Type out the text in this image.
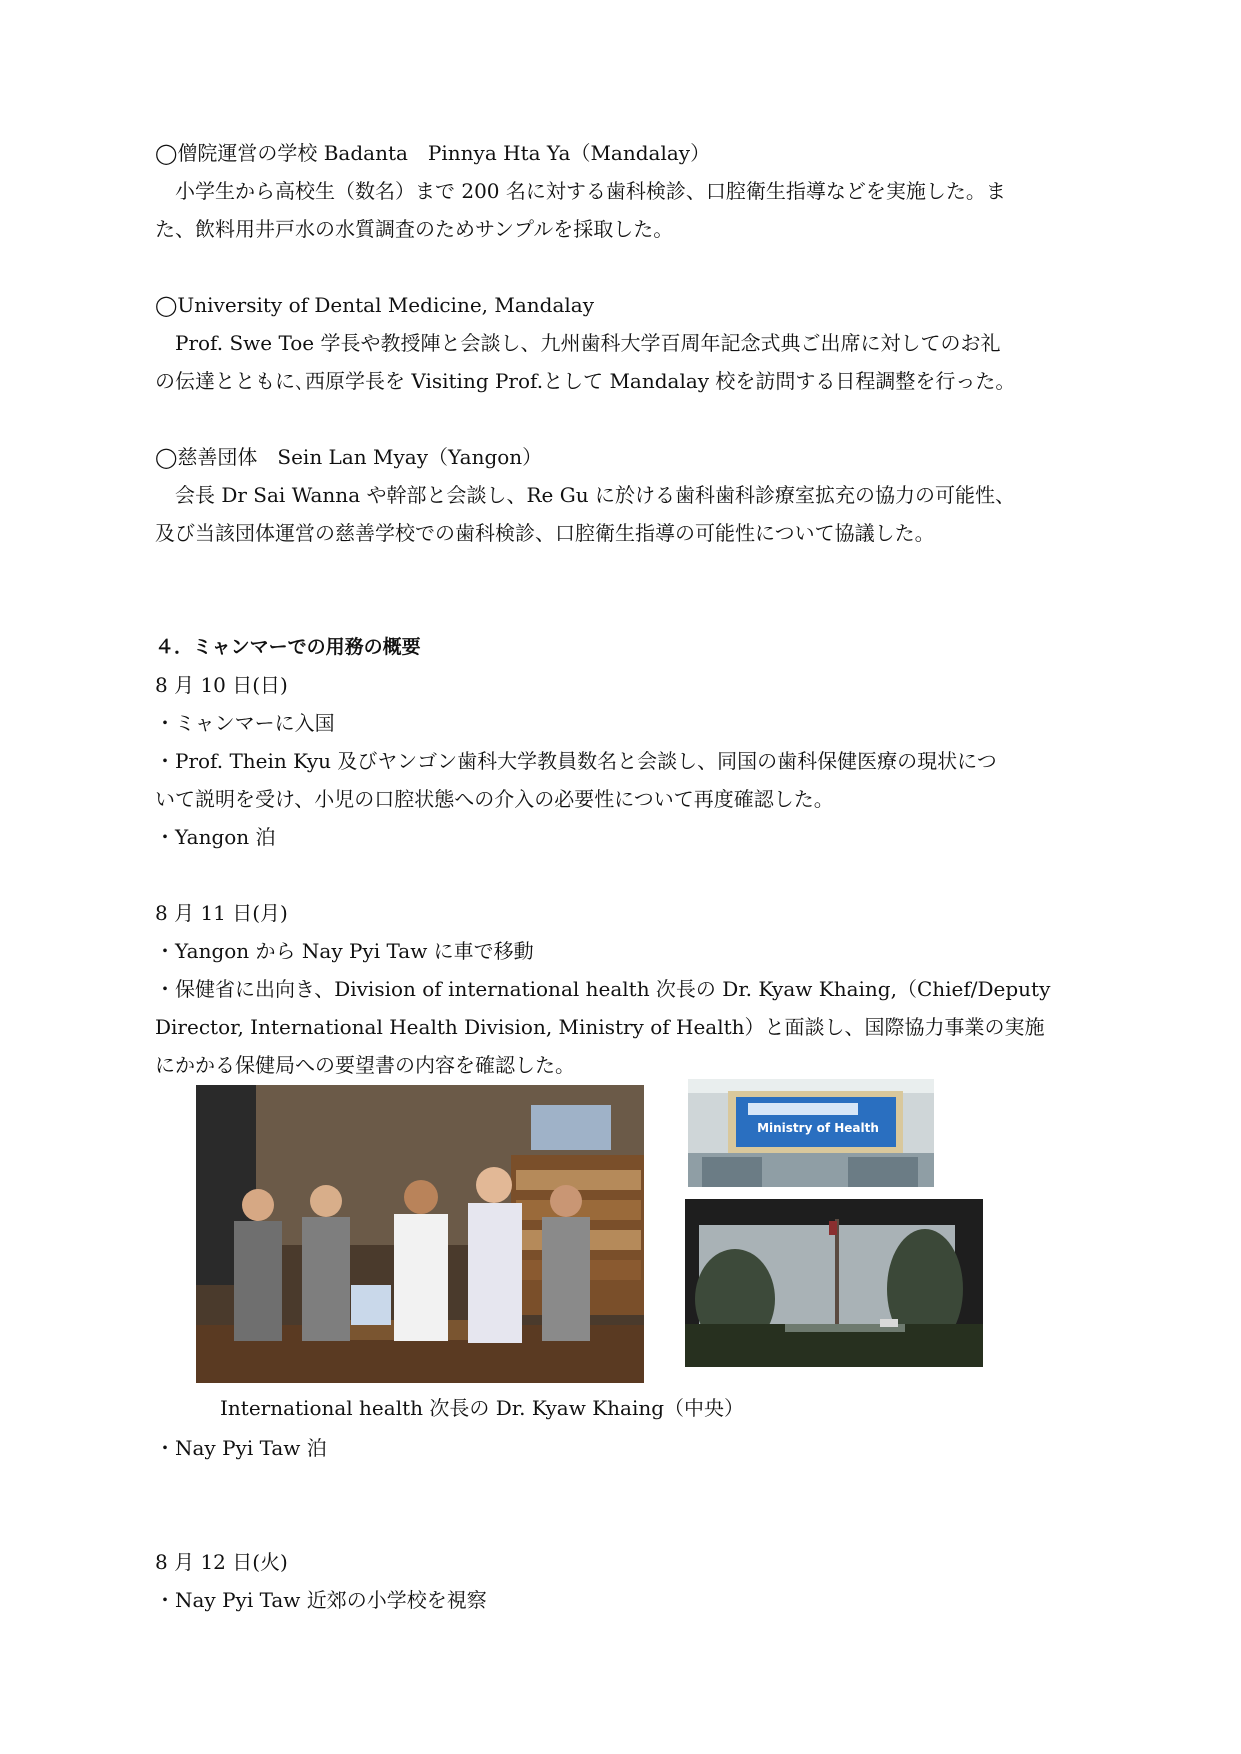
◯僧院運営の学校 Badanta　Pinnya Hta Ya（Mandalay）

　小学生から高校生（数名）まで 200 名に対する歯科検診、口腔衛生指導などを実施した。ま

た、飲料用井戸水の水質調査のためサンプルを採取した。

◯University of Dental Medicine, Mandalay

　Prof. Swe Toe 学長や教授陣と会談し、九州歯科大学百周年記念式典ご出席に対してのお礼

の伝達とともに､西原学長を Visiting Prof.として Mandalay 校を訪問する日程調整を行った。

◯慈善団体　Sein Lan Myay（Yangon）

　会長 Dr Sai Wanna や幹部と会談し、Re Gu に於ける歯科歯科診療室拡充の協力の可能性、

及び当該団体運営の慈善学校での歯科検診、口腔衛生指導の可能性について協議した。

４．ミャンマーでの用務の概要

8 月 10 日(日)

・ミャンマーに入国

・Prof. Thein Kyu 及びヤンゴン歯科大学教員数名と会談し、同国の歯科保健医療の現状につ

いて説明を受け、小児の口腔状態への介入の必要性について再度確認した。

・Yangon 泊

8 月 11 日(月)

・Yangon から Nay Pyi Taw に車で移動

・保健省に出向き、Division of international health 次長の Dr. Kyaw Khaing,（Chief/Deputy

Director, International Health Division, Ministry of Health）と面談し、国際協力事業の実施

にかかる保健局への要望書の内容を確認した。

Ministry of Health
International health 次長の Dr. Kyaw Khaing（中央）

・Nay Pyi Taw 泊

8 月 12 日(火)

・Nay Pyi Taw 近郊の小学校を視察
